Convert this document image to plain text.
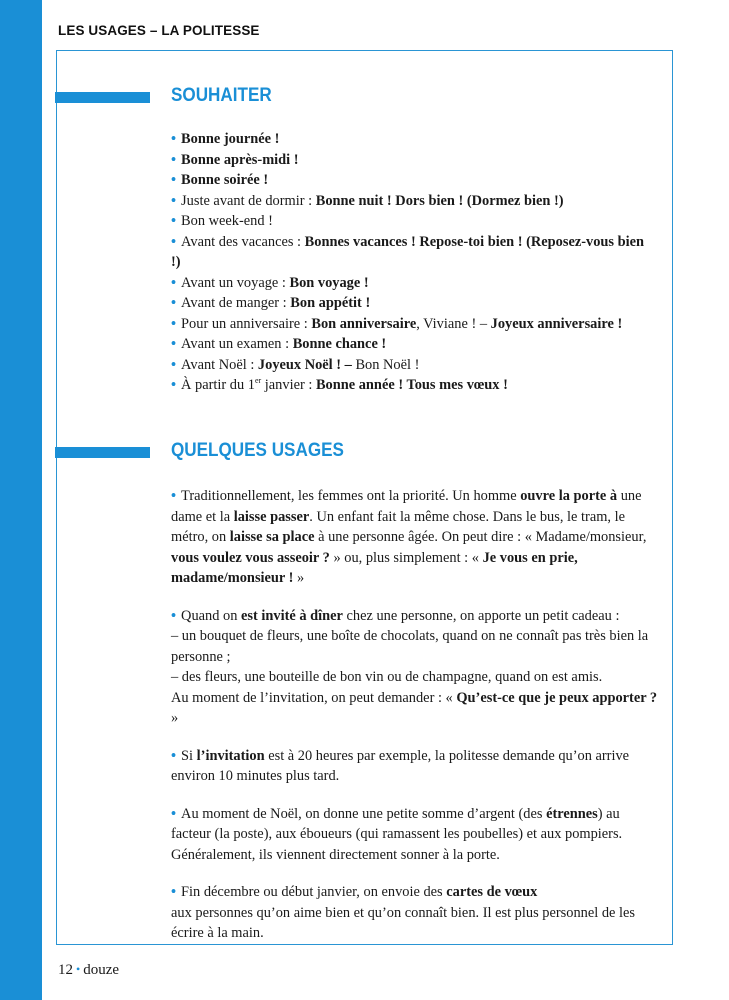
LES USAGES – LA POLITESSE
SOUHAITER
• Bonne journée !
• Bonne après-midi !
• Bonne soirée !
• Juste avant de dormir : Bonne nuit ! Dors bien ! (Dormez bien !)
• Bon week-end !
• Avant des vacances : Bonnes vacances ! Repose-toi bien ! (Reposez-vous bien !)
• Avant un voyage : Bon voyage !
• Avant de manger : Bon appétit !
• Pour un anniversaire : Bon anniversaire, Viviane ! – Joyeux anniversaire !
• Avant un examen : Bonne chance !
• Avant Noël : Joyeux Noël ! – Bon Noël !
• À partir du 1er janvier : Bonne année ! Tous mes vœux !
QUELQUES USAGES

• Traditionnellement, les femmes ont la priorité. Un homme ouvre la porte à une dame et la laisse passer. Un enfant fait la même chose. Dans le bus, le tram, le métro, on laisse sa place à une personne âgée. On peut dire : « Madame/monsieur, vous voulez vous asseoir ? » ou, plus simplement : « Je vous en prie, madame/monsieur ! »

• Quand on est invité à dîner chez une personne, on apporte un petit cadeau :
– un bouquet de fleurs, une boîte de chocolats, quand on ne connaît pas très bien la personne ;
– des fleurs, une bouteille de bon vin ou de champagne, quand on est amis.
Au moment de l’invitation, on peut demander : « Qu’est-ce que je peux apporter ? »

• Si l’invitation est à 20 heures par exemple, la politesse demande qu’on arrive environ 10 minutes plus tard.

• Au moment de Noël, on donne une petite somme d’argent (des étrennes) au facteur (la poste), aux éboueurs (qui ramassent les poubelles) et aux pompiers. Généralement, ils viennent directement sonner à la porte.

• Fin décembre ou début janvier, on envoie des cartes de vœux
aux personnes qu’on aime bien et qu’on connaît bien. Il est plus personnel de les écrire à la main.

12 • douze
